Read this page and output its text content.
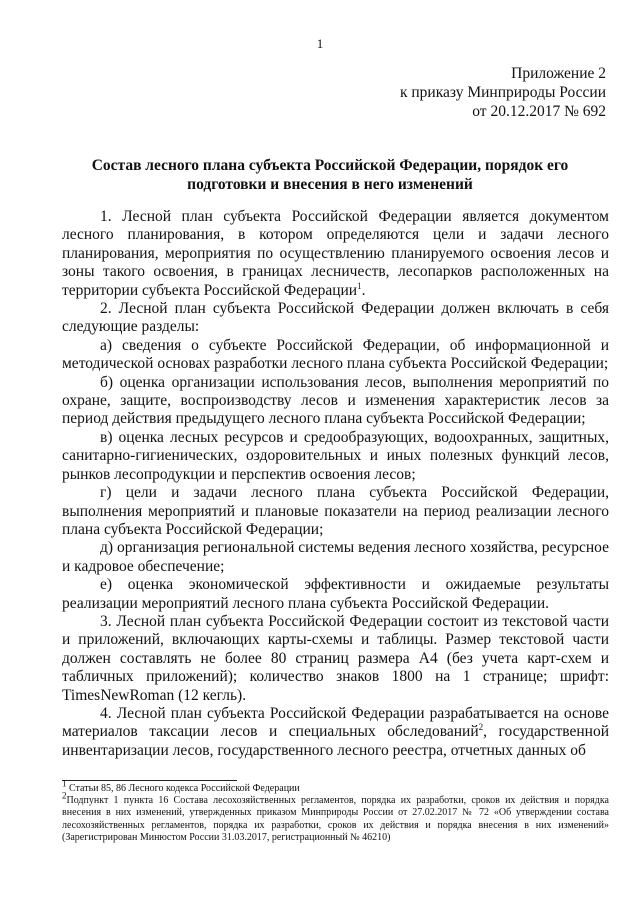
1
Приложение 2
к приказу Минприроды России
от 20.12.2017 № 692
Состав лесного плана субъекта Российской Федерации, порядок его подготовки и внесения в него изменений

1. Лесной план субъекта Российской Федерации является документом лесного планирования, в котором определяются цели и задачи лесного планирования, мероприятия по осуществлению планируемого освоения лесов и зоны такого освоения, в границах лесничеств, лесопарков расположенных на территории субъекта Российской Федерации$^1$.

2. Лесной план субъекта Российской Федерации должен включать в себя следующие разделы:

а) сведения о субъекте Российской Федерации, об информационной и методической основах разработки лесного плана субъекта Российской Федерации;

б) оценка организации использования лесов, выполнения мероприятий по охране, защите, воспроизводству лесов и изменения характеристик лесов за период действия предыдущего лесного плана субъекта Российской Федерации;

в) оценка лесных ресурсов и средообразующих, водоохранных, защитных, санитарно-гигиенических, оздоровительных и иных полезных функций лесов, рынков лесопродукции и перспектив освоения лесов;

г) цели и задачи лесного плана субъекта Российской Федерации, выполнения мероприятий и плановые показатели на период реализации лесного плана субъекта Российской Федерации;

д) организация региональной системы ведения лесного хозяйства, ресурсное и кадровое обеспечение;

е) оценка экономической эффективности и ожидаемые результаты реализации мероприятий лесного плана субъекта Российской Федерации.

3. Лесной план субъекта Российской Федерации состоит из текстовой части и приложений, включающих карты-схемы и таблицы. Размер текстовой части должен составлять не более 80 страниц размера А4 (без учета карт-схем и табличных приложений); количество знаков 1800 на 1 странице; шрифт: TimesNewRoman (12 кегль).

4. Лесной план субъекта Российской Федерации разрабатывается на основе материалов таксации лесов и специальных обследований$^2$, государственной инвентаризации лесов, государственного лесного реестра, отчетных данных об

$^1$ Статьи 85, 86 Лесного кодекса Российской Федерации

$^2$Подпункт 1 пункта 16 Состава лесохозяйственных регламентов, порядка их разработки, сроков их действия и порядка внесения в них изменений, утвержденных приказом Минприроды России от 27.02.2017 № 72 «Об утверждении состава лесохозяйственных регламентов, порядка их разработки, сроков их действия и порядка внесения в них изменений» (Зарегистрирован Минюстом России 31.03.2017, регистрационный № 46210)
